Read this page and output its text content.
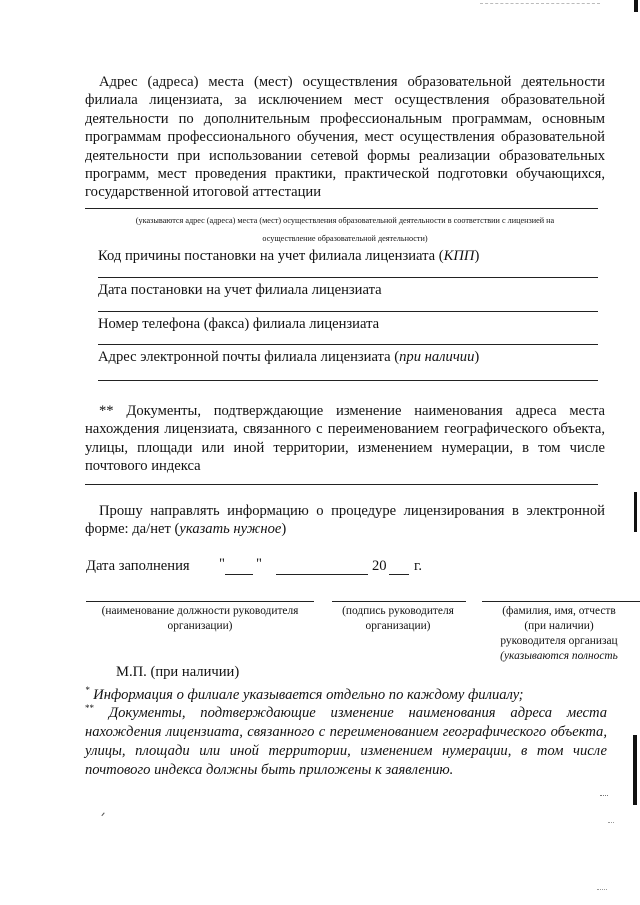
Адрес (адреса) места (мест) осуществления образовательной деятельности филиала лицензиата, за исключением мест осуществления образовательной деятельности по дополнительным профессиональным программам, основным программам профессионального обучения, мест осуществления образовательной деятельности при использовании сетевой формы реализации образовательных программ, мест проведения практики, практической подготовки обучающихся, государственной итоговой аттестации
(указываются адрес (адреса) места (мест) осуществления образовательной деятельности в соответствии с лицензией на
осуществление образовательной деятельности)
Код причины постановки на учет филиала лицензиата (КПП)
Дата постановки на учет филиала лицензиата
Номер телефона (факса) филиала лицензиата
Адрес электронной почты филиала лицензиата (при наличии)
** Документы, подтверждающие изменение наименования адреса места нахождения лицензиата, связанного с переименованием географического объекта, улицы, площади или иной территории, изменением нумерации, в том числе почтового индекса
Прошу направлять информацию о процедуре лицензирования в электронной форме: да/нет (указать нужное)
Дата заполнения " "	20 г.
(наименование должности руководителя организации)
(подпись руководителя организации)
(фамилия, имя, отчеств
(при наличии)
руководителя организац
(указываются полность
М.П. (при наличии)
* Информация о филиале указывается отдельно по каждому филиалу;
** Документы, подтверждающие изменение наименования адреса места нахождения лицензиата, связанного с переименованием географического объекта, улицы, площади или иной территории, изменением нумерации, в том числе почтового индекса должны быть приложены к заявлению.
